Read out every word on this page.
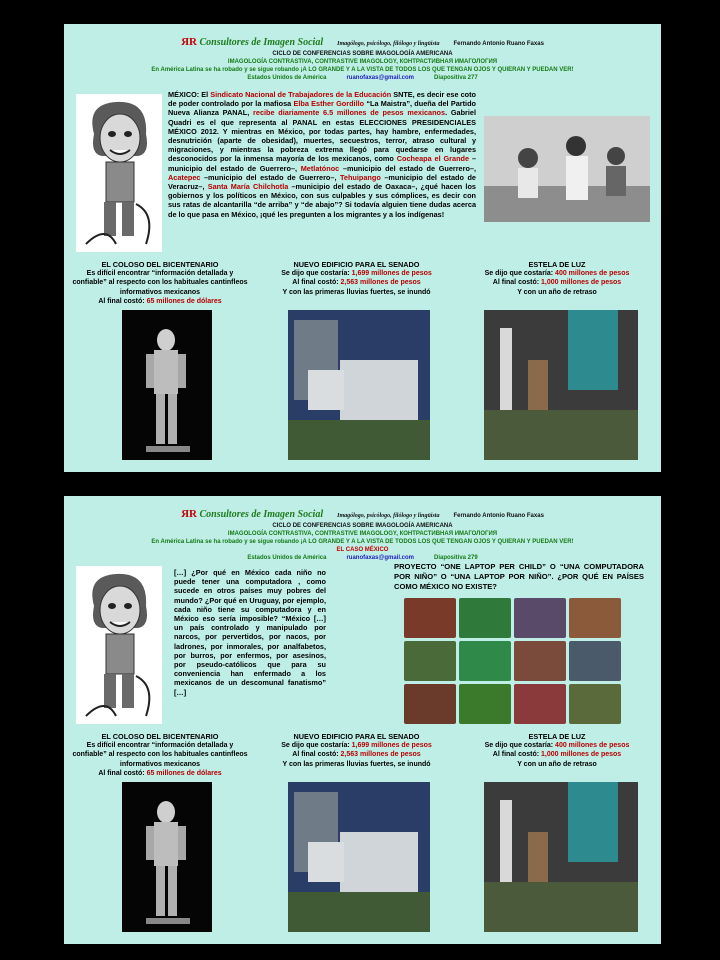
ЯR Consultores de Imagen Social Imagólogo, psicólogo, filólogo y lingüista Fernando Antonio Ruano Faxas
CICLO DE CONFERENCIAS SOBRE IMAGOLOGÍA AMERICANA
IMAGOLOGÍA CONTRASTIVA, CONTRASTIVE IMAGOLOGY, КОНТРАСТИВНАЯ ИМАГОЛОГИЯ
En América Latina se ha robado y se sigue robando ¡A LO GRANDE Y A LA VISTA DE TODOS LOS QUE TENGAN OJOS Y QUIERAN Y PUEDAN VER!
Estados Unidos de América	ruanofaxas@gmail.com	Diapositiva 277
MÉXICO: El Sindicato Nacional de Trabajadores de la Educación SNTE, es decir ese coto de poder controlado por la mafiosa Elba Esther Gordillo “La Maistra”, dueña del Partido Nueva Alianza PANAL, recibe diariamente 6.5 millones de pesos mexicanos. Gabriel Quadri es el que representa al PANAL en estas ELECCIONES PRESIDENCIALES MÉXICO 2012. Y mientras en México, por todas partes, hay hambre, enfermedades, desnutrición (aparte de obesidad), muertes, secuestros, terror, atraso cultural y migraciones, y mientras la pobreza extrema llegó para quedarse en lugares desconocidos por la inmensa mayoría de los mexicanos, como Cocheapa el Grande –municipio del estado de Guerrero–, Metlatónoc –municipio del estado de Guerrero–, Acatepec –municipio del estado de Guerrero–, Tehuipango –municipio del estado de Veracruz–, Santa María Chilchotla –municipio del estado de Oaxaca–, ¿qué hacen los gobiernos y los políticos en México, con sus culpables y sus cómplices, es decir con sus ratas de alcantarilla “de arriba” y “de abajo”? Si todavía alguien tiene dudas acerca de lo que pasa en México, ¡qué les pregunten a los migrantes y a los indígenas!
EL COLOSO DEL BICENTENARIO
Es difícil encontrar “información detallada y confiable” al respecto con los habituales cantinfleos informativos mexicanos
Al final costó: 65 millones de dólares
NUEVO EDIFICIO PARA EL SENADO
Se dijo que costaría: 1,699 millones de pesos
Al final costó: 2,563 millones de pesos
Y con las primeras lluvias fuertes, se inundó
ESTELA DE LUZ
Se dijo que costaría: 400 millones de pesos
Al final costó: 1,000 millones de pesos
Y con un año de retraso
ЯR Consultores de Imagen Social Imagólogo, psicólogo, filólogo y lingüista Fernando Antonio Ruano Faxas
CICLO DE CONFERENCIAS SOBRE IMAGOLOGÍA AMERICANA
IMAGOLOGÍA CONTRASTIVA, CONTRASTIVE IMAGOLOGY, КОНТРАСТИВНАЯ ИМАГОЛОГИЯ
En América Latina se ha robado y se sigue robando ¡A LO GRANDE Y A LA VISTA DE TODOS LOS QUE TENGAN OJOS Y QUIERAN Y PUEDAN VER!
EL CASO MÉXICO
Estados Unidos de América	ruanofaxas@gmail.com	Diapositiva 279
[…] ¿Por qué en México cada niño no puede tener una computadora , como sucede en otros países muy pobres del mundo? ¿Por qué en Uruguay, por ejemplo, cada niño tiene su computadora y en México eso sería imposible? “México […] un país controlado y manipulado por narcos, por pervertidos, por nacos, por ladrones, por inmorales, por analfabetos, por burros, por enfermos, por asesinos, por pseudo-católicos que para su conveniencia han enfermado a los mexicanos de un descomunal fanatismo” […]
PROYECTO “ONE LAPTOP PER CHILD” O “UNA COMPUTADORA POR NIÑO” O “UNA LAPTOP POR NIÑO”. ¿POR QUÉ EN PAÍSES COMO MÉXICO NO EXISTE?
EL COLOSO DEL BICENTENARIO
Es difícil encontrar “información detallada y confiable” al respecto con los habituales cantinfleos informativos mexicanos
Al final costó: 65 millones de dólares
NUEVO EDIFICIO PARA EL SENADO
Se dijo que costaría: 1,699 millones de pesos
Al final costó: 2,563 millones de pesos
Y con las primeras lluvias fuertes, se inundó
ESTELA DE LUZ
Se dijo que costaría: 400 millones de pesos
Al final costó: 1,000 millones de pesos
Y con un año de retraso
